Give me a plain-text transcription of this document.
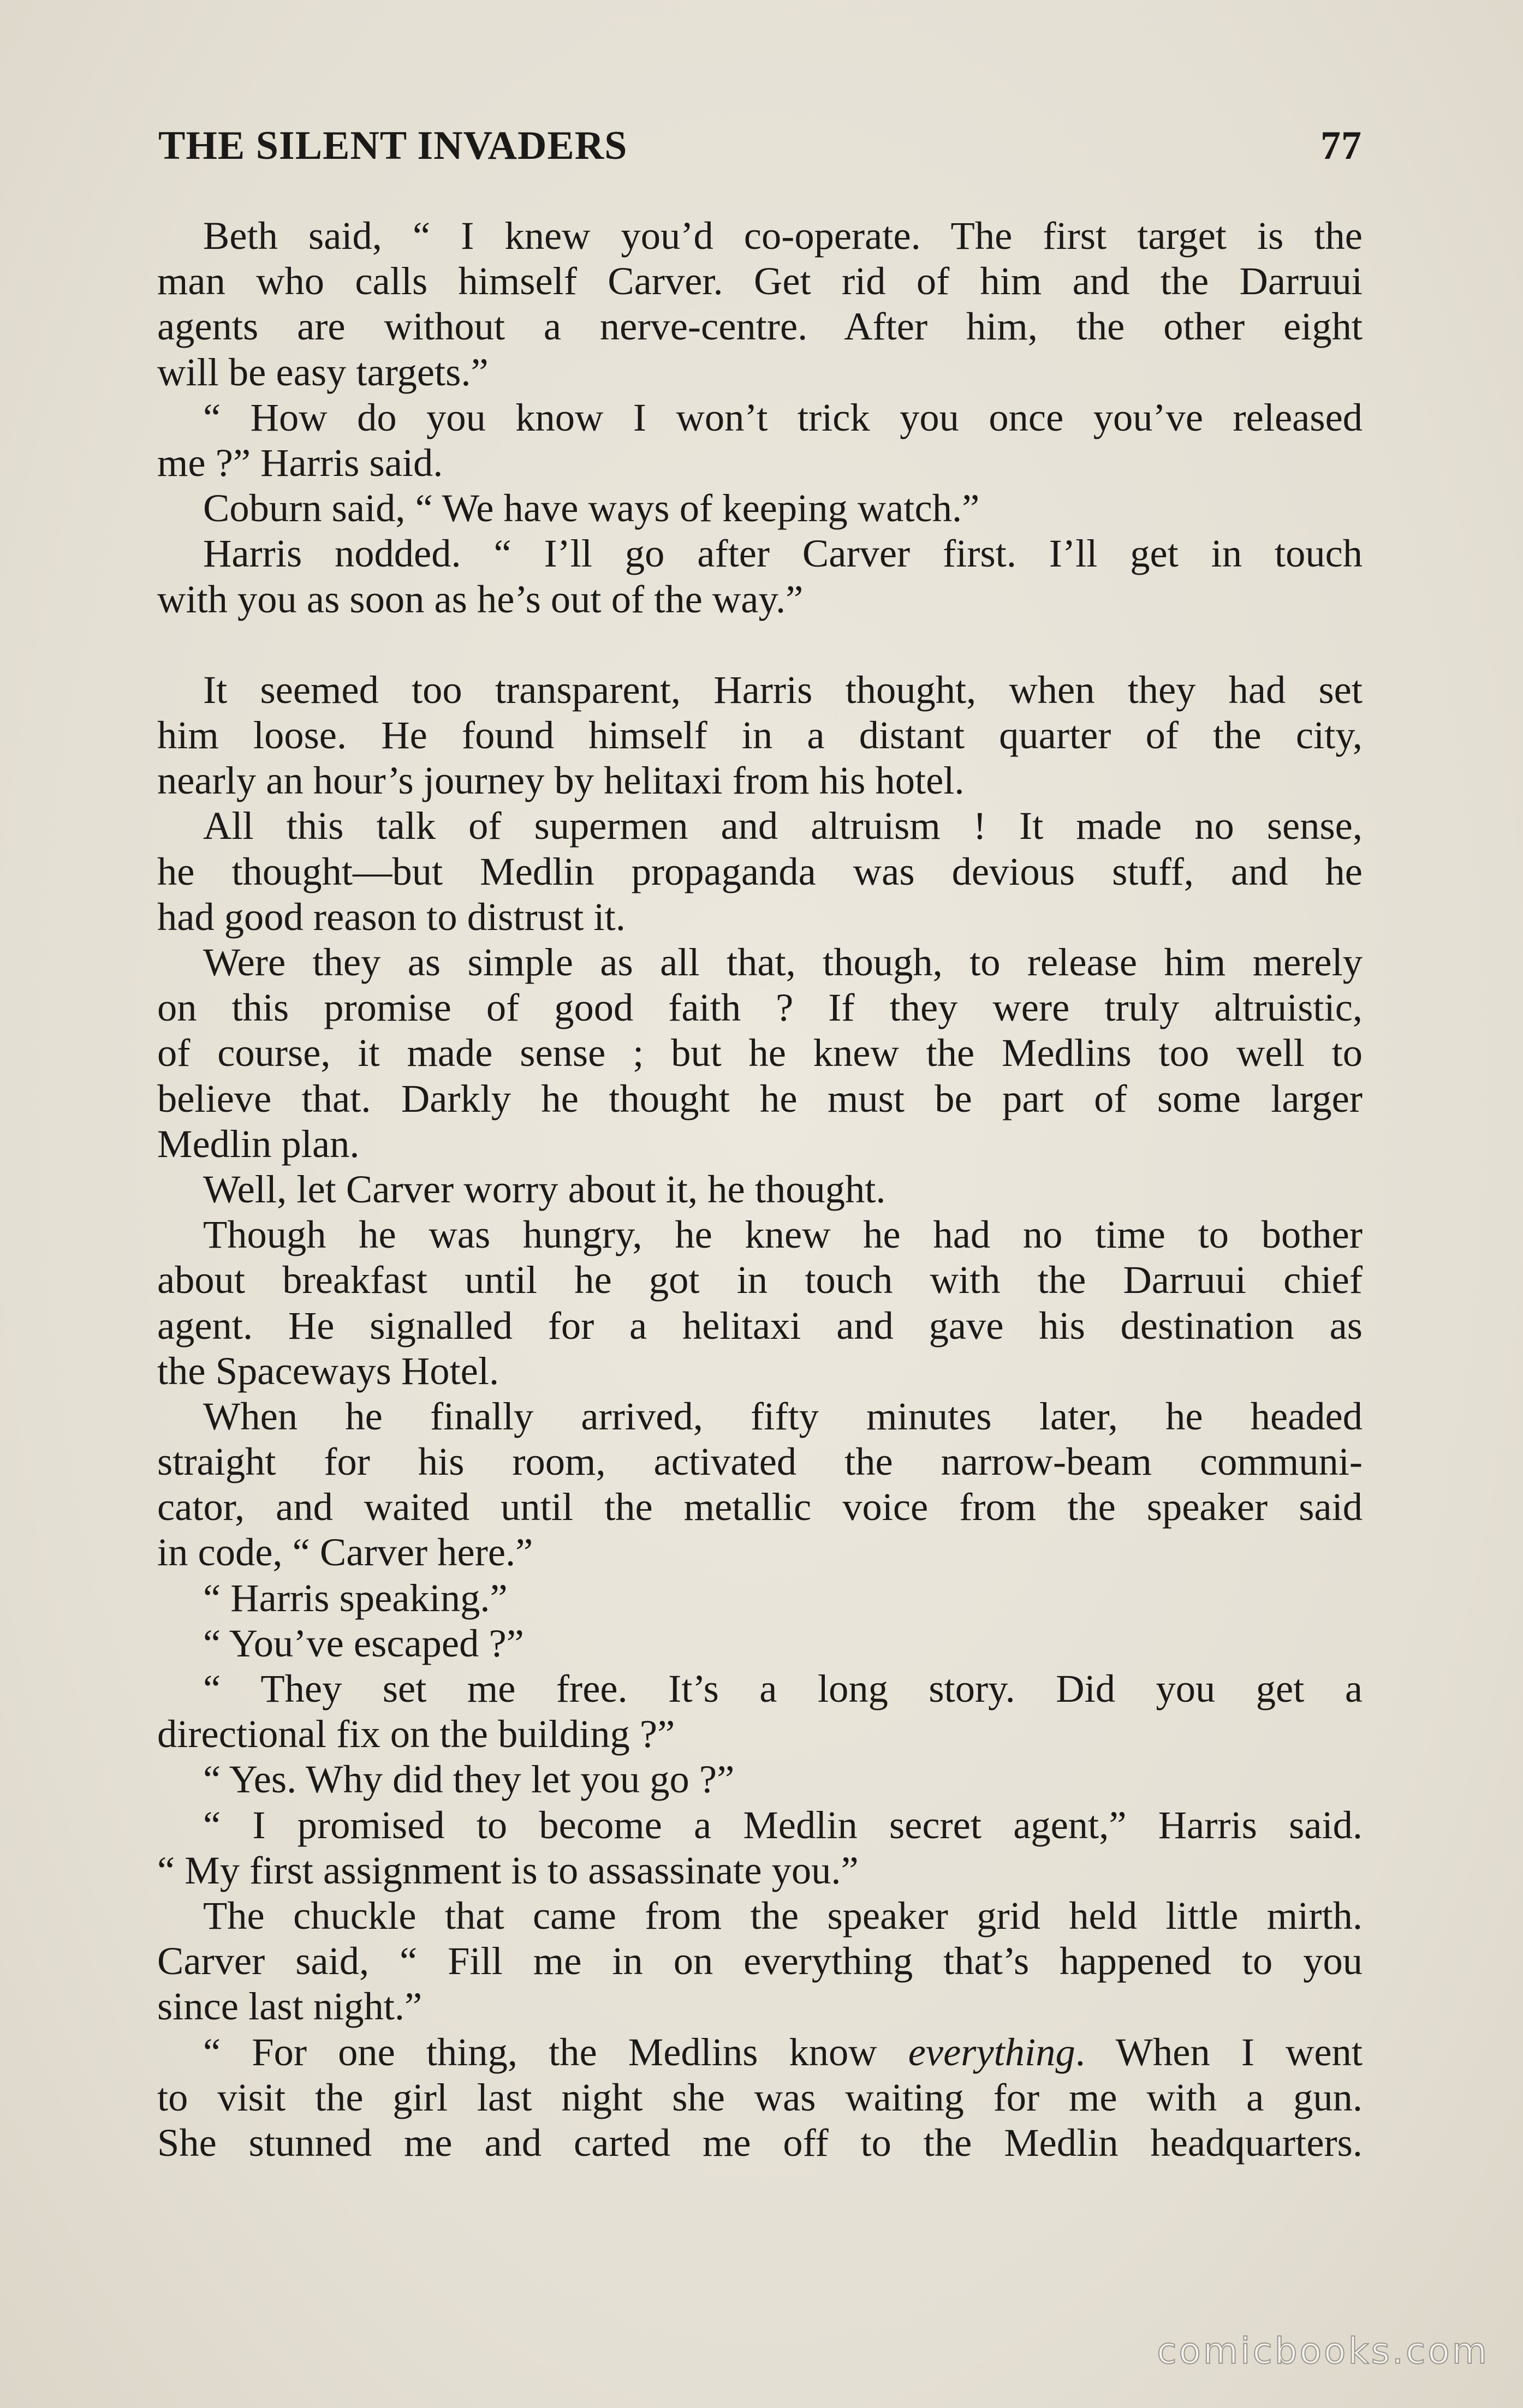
THE SILENT INVADERS	77
Beth said, “ I knew you’d co-operate. The first target is the
man who calls himself Carver. Get rid of him and the Darruui
agents are without a nerve-centre. After him, the other eight
will be easy targets.”
“ How do you know I won’t trick you once you’ve released
me ?” Harris said.
Coburn said, “ We have ways of keeping watch.”
Harris nodded. “ I’ll go after Carver first. I’ll get in touch
with you as soon as he’s out of the way.”
It seemed too transparent, Harris thought, when they had set
him loose. He found himself in a distant quarter of the city,
nearly an hour’s journey by helitaxi from his hotel.
All this talk of supermen and altruism ! It made no sense,
he thought—but Medlin propaganda was devious stuff, and he
had good reason to distrust it.
Were they as simple as all that, though, to release him merely
on this promise of good faith ? If they were truly altruistic,
of course, it made sense ; but he knew the Medlins too well to
believe that. Darkly he thought he must be part of some larger
Medlin plan.
Well, let Carver worry about it, he thought.
Though he was hungry, he knew he had no time to bother
about breakfast until he got in touch with the Darruui chief
agent. He signalled for a helitaxi and gave his destination as
the Spaceways Hotel.
When he finally arrived, fifty minutes later, he headed
straight for his room, activated the narrow-beam communi-
cator, and waited until the metallic voice from the speaker said
in code, “ Carver here.”
“ Harris speaking.”
“ You’ve escaped ?”
“ They set me free. It’s a long story. Did you get a
directional fix on the building ?”
“ Yes. Why did they let you go ?”
“ I promised to become a Medlin secret agent,” Harris said.
“ My first assignment is to assassinate you.”
The chuckle that came from the speaker grid held little mirth.
Carver said, “ Fill me in on everything that’s happened to you
since last night.”
“ For one thing, the Medlins know everything. When I went
to visit the girl last night she was waiting for me with a gun.
She stunned me and carted me off to the Medlin headquarters.
comicbooks.com
